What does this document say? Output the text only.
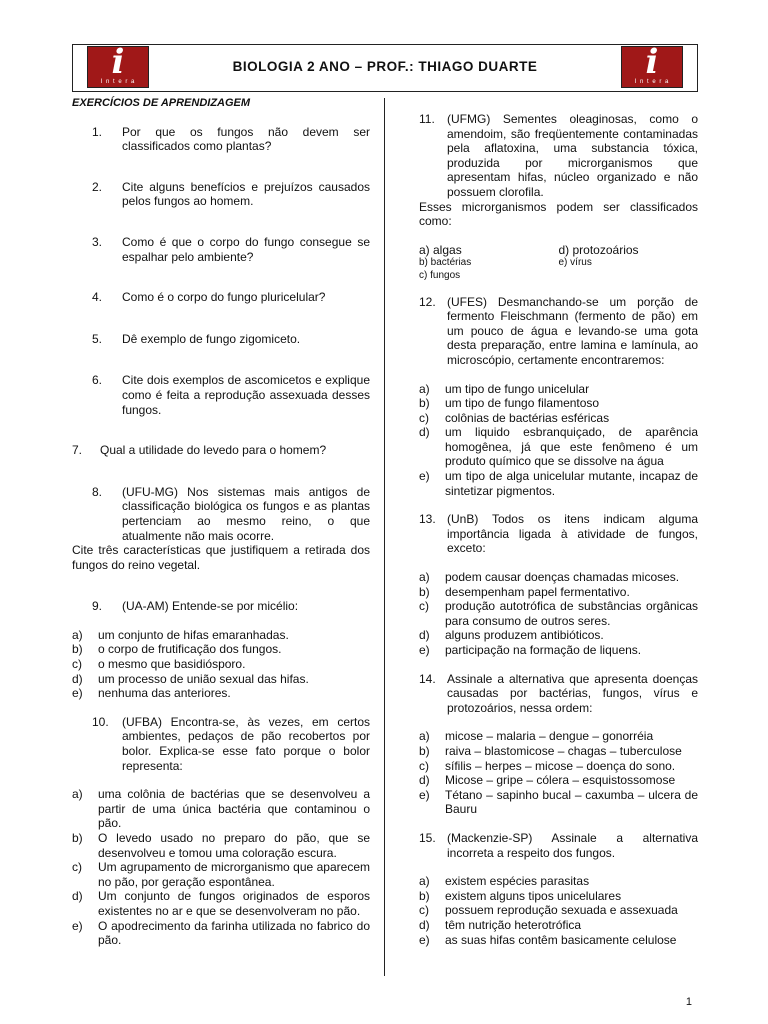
i
I n t e r a
BIOLOGIA 2 ANO – PROF.: THIAGO DUARTE	i
I n t e r a
EXERCÍCIOS DE APRENDIZAGEM
1.	Por que os fungos não devem ser classificados como plantas?
2.	Cite alguns benefícios e prejuízos causados pelos fungos ao homem.
3.	Como é que o corpo do fungo consegue se espalhar pelo ambiente?
4.	Como é o corpo do fungo pluricelular?
5.	Dê exemplo de fungo zigomiceto.
6.	Cite dois exemplos de ascomicetos e explique como é feita a reprodução assexuada desses fungos.
7.	Qual a utilidade do levedo para o homem?
8.	(UFU-MG) Nos sistemas mais antigos de classificação biológica os fungos e as plantas pertenciam ao mesmo reino, o que atualmente não mais ocorre.
Cite três características que justifiquem a retirada dos fungos do reino vegetal.
9.	(UA-AM) Entende-se por micélio:
a)	um conjunto de hifas emaranhadas.
b)	o corpo de frutificação dos fungos.
c)	o mesmo que basidiósporo.
d)	um processo de união sexual das hifas.
e)	nenhuma das anteriores.
10.	(UFBA) Encontra-se, às vezes, em certos ambientes, pedaços de pão recobertos por bolor. Explica-se esse fato porque o bolor representa:
a)	uma colônia de bactérias que se desenvolveu a partir de uma única bactéria que contaminou o pão.
b)	O levedo usado no preparo do pão, que se desenvolveu e tomou uma coloração escura.
c)	Um agrupamento de microrganismo que aparecem no pão, por geração espontânea.
d)	Um conjunto de fungos originados de esporos existentes no ar e que se desenvolveram no pão.
e)	O apodrecimento da farinha utilizada no fabrico do pão.
11.	(UFMG) Sementes oleaginosas, como o amendoim, são freqüentemente contaminadas pela aflatoxina, uma substancia tóxica, produzida por microrganismos que apresentam hifas, núcleo organizado e não possuem clorofila.
Esses microrganismos podem ser classificados como:
a) algas	d) protozoários
b) bactérias	e) vírus
c) fungos
12. (UFES) Desmanchando-se um porção de fermento Fleischmann (fermento de pão) em um pouco de água e levando-se uma gota desta preparação, entre lamina e lamínula, ao microscópio, certamente encontraremos:
a)	um tipo de fungo unicelular
b)	um tipo de fungo filamentoso
c)	colônias de bactérias esféricas
d)	um liquido esbranquiçado, de aparência homogênea, já que este fenômeno é um produto químico que se dissolve na água
e)	um tipo de alga unicelular mutante, incapaz de sintetizar pigmentos.
13. (UnB) Todos os itens indicam alguma importância ligada à atividade de fungos, exceto:
a)	podem causar doenças chamadas micoses.
b)	desempenham papel fermentativo.
c)	produção autotrófica de substâncias orgânicas para consumo de outros seres.
d)	alguns produzem antibióticos.
e)	participação na formação de liquens.
14. Assinale a alternativa que apresenta doenças causadas por bactérias, fungos, vírus e protozoários, nessa ordem:
a)	micose – malaria – dengue – gonorréia
b)	raiva – blastomicose – chagas – tuberculose
c)	sífilis – herpes – micose – doença do sono.
d)	Micose – gripe – cólera – esquistossomose
e)	Tétano – sapinho bucal – caxumba – ulcera de Bauru
15. (Mackenzie-SP) Assinale a alternativa incorreta a respeito dos fungos.
a)	existem espécies parasitas
b)	existem alguns tipos unicelulares
c)	possuem reprodução sexuada e assexuada
d)	têm nutrição heterotrófica
e)	as suas hifas contêm basicamente celulose
1
